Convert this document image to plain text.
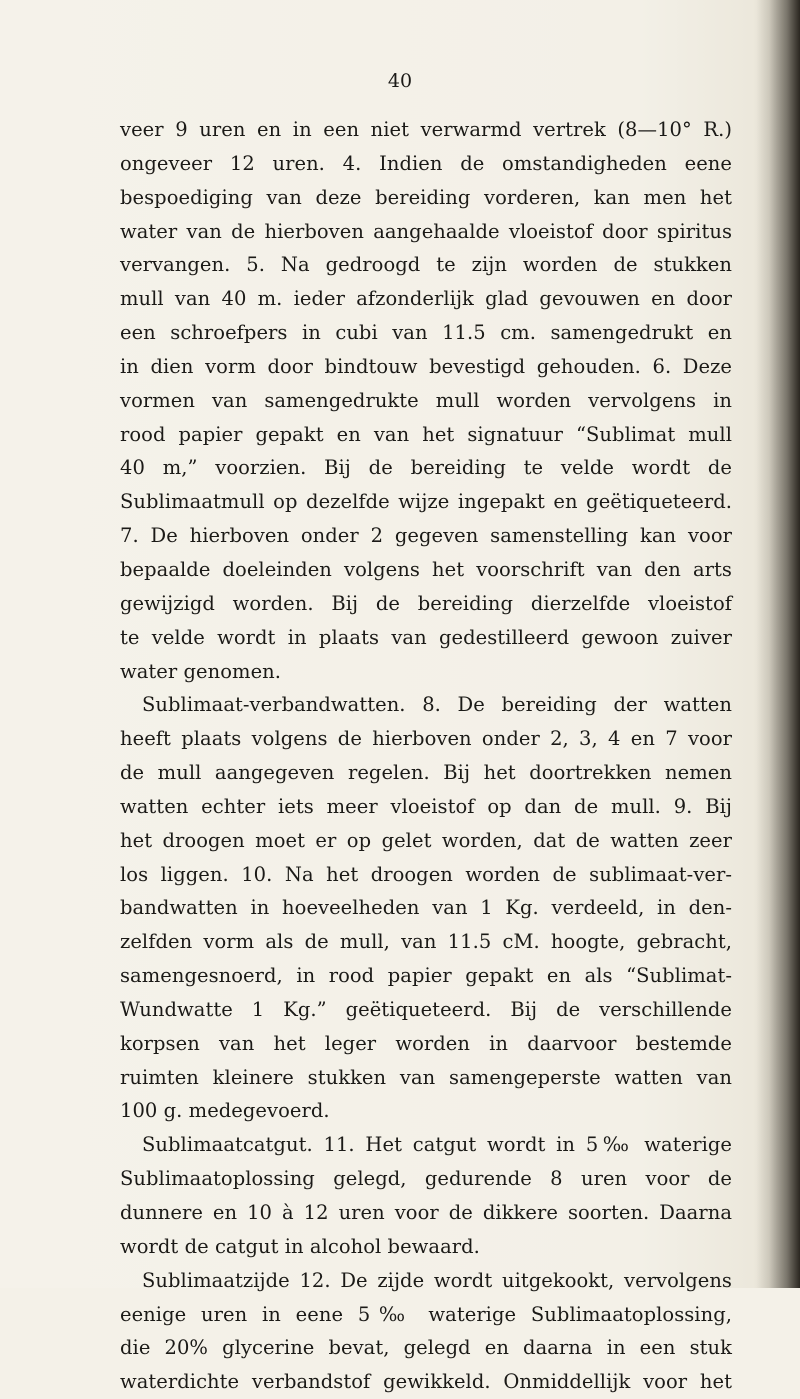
40
veer 9 uren en in een niet verwarmd vertrek (8—10° R.)
ongeveer 12 uren. 4. Indien de omstandigheden eene
bespoediging van deze bereiding vorderen, kan men het
water van de hierboven aangehaalde vloeistof door spiritus
vervangen. 5. Na gedroogd te zijn worden de stukken
mull van 40 m. ieder afzonderlijk glad gevouwen en door
een schroefpers in cubi van 11.5 cm. samengedrukt en
in dien vorm door bindtouw bevestigd gehouden. 6. Deze
vormen van samengedrukte mull worden vervolgens in
rood papier gepakt en van het signatuur “Sublimat mull
40 m,” voorzien. Bij de bereiding te velde wordt de
Sublimaatmull op dezelfde wijze ingepakt en geëtiqueteerd.
7. De hierboven onder 2 gegeven samenstelling kan voor
bepaalde doeleinden volgens het voorschrift van den arts
gewijzigd worden. Bij de bereiding dierzelfde vloeistof
te velde wordt in plaats van gedestilleerd gewoon zuiver
water genomen.
Sublimaat-verbandwatten. 8. De bereiding der watten
heeft plaats volgens de hierboven onder 2, 3, 4 en 7 voor
de mull aangegeven regelen. Bij het doortrekken nemen
watten echter iets meer vloeistof op dan de mull. 9. Bij
het droogen moet er op gelet worden, dat de watten zeer
los liggen. 10. Na het droogen worden de sublimaat-ver-
bandwatten in hoeveelheden van 1 Kg. verdeeld, in den-
zelfden vorm als de mull, van 11.5 cM. hoogte, gebracht,
samengesnoerd, in rood papier gepakt en als “Sublimat-
Wundwatte 1 Kg.” geëtiqueteerd. Bij de verschillende
korpsen van het leger worden in daarvoor bestemde
ruimten kleinere stukken van samengeperste watten van
100 g. medegevoerd.
Sublimaatcatgut. 11. Het catgut wordt in 5‰ waterige
Sublimaatoplossing gelegd, gedurende 8 uren voor de
dunnere en 10 à 12 uren voor de dikkere soorten. Daarna
wordt de catgut in alcohol bewaard.
Sublimaatzijde 12. De zijde wordt uitgekookt, vervolgens
eenige uren in eene 5‰ waterige Sublimaatoplossing,
die 20% glycerine bevat, gelegd en daarna in een stuk
waterdichte verbandstof gewikkeld. Onmiddellijk voor het
